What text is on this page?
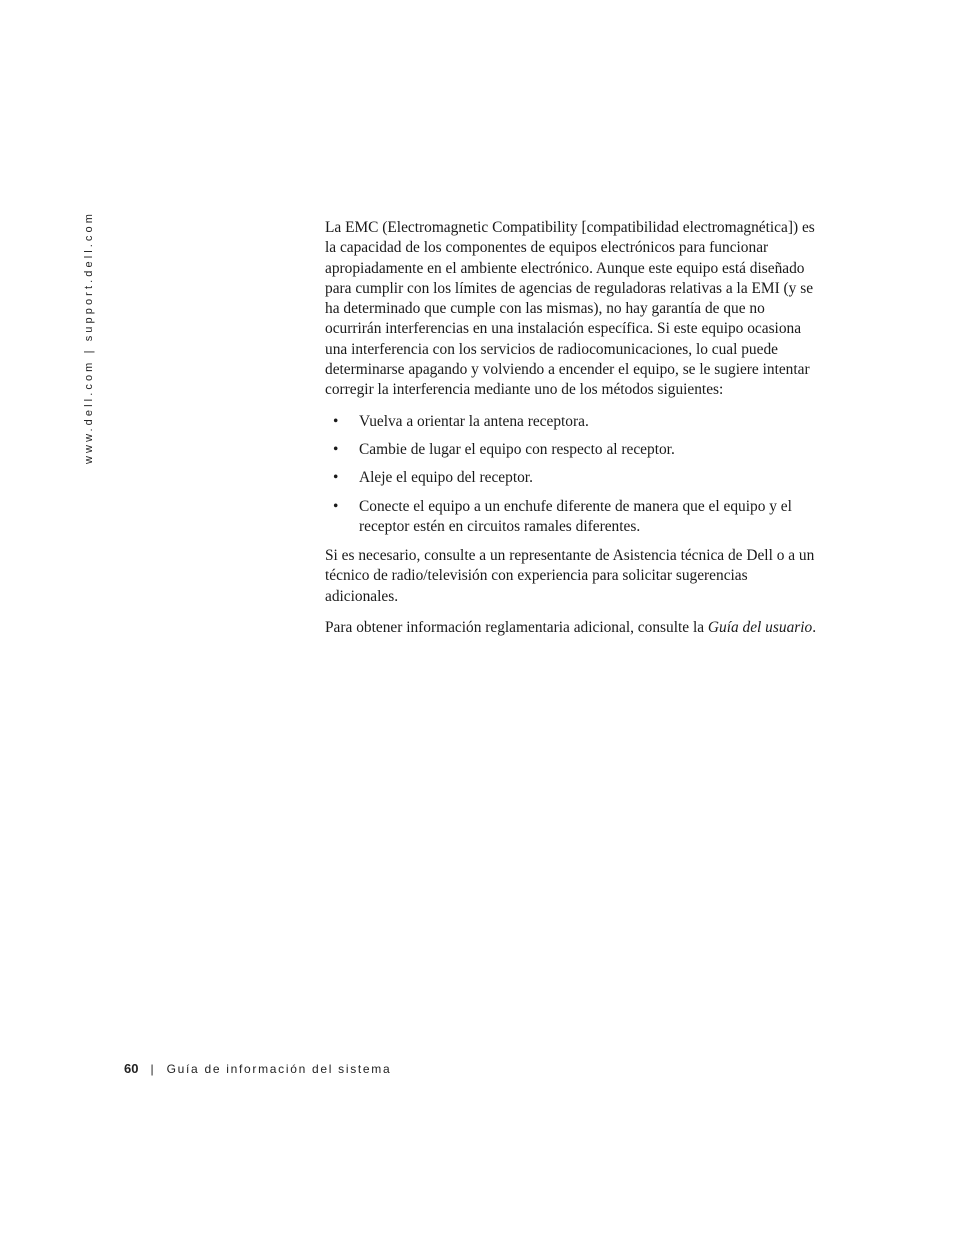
www.dell.com | support.dell.com	La EMC (Electromagnetic Compatibility [compatibilidad electromagnética]) es la capacidad de los componentes de equipos electrónicos para funcionar apropiadamente en el ambiente electrónico. Aunque este equipo está diseñado para cumplir con los límites de agencias de reguladoras relativas a la EMI (y se ha determinado que cumple con las mismas), no hay garantía de que no ocurrirán interferencias en una instalación específica. Si este equipo ocasiona una interferencia con los servicios de radiocomunicaciones, lo cual puede determinarse apagando y volviendo a encender el equipo, se le sugiere intentar corregir la interferencia mediante uno de los métodos siguientes:

• Vuelva a orientar la antena receptora.
• Cambie de lugar el equipo con respecto al receptor.
• Aleje el equipo del receptor.
• Conecte el equipo a un enchufe diferente de manera que el equipo y el receptor estén en circuitos ramales diferentes.

Si es necesario, consulte a un representante de Asistencia técnica de Dell o a un técnico de radio/televisión con experiencia para solicitar sugerencias adicionales.

Para obtener información reglamentaria adicional, consulte la Guía del usuario.

60 | Guía de información del sistema
